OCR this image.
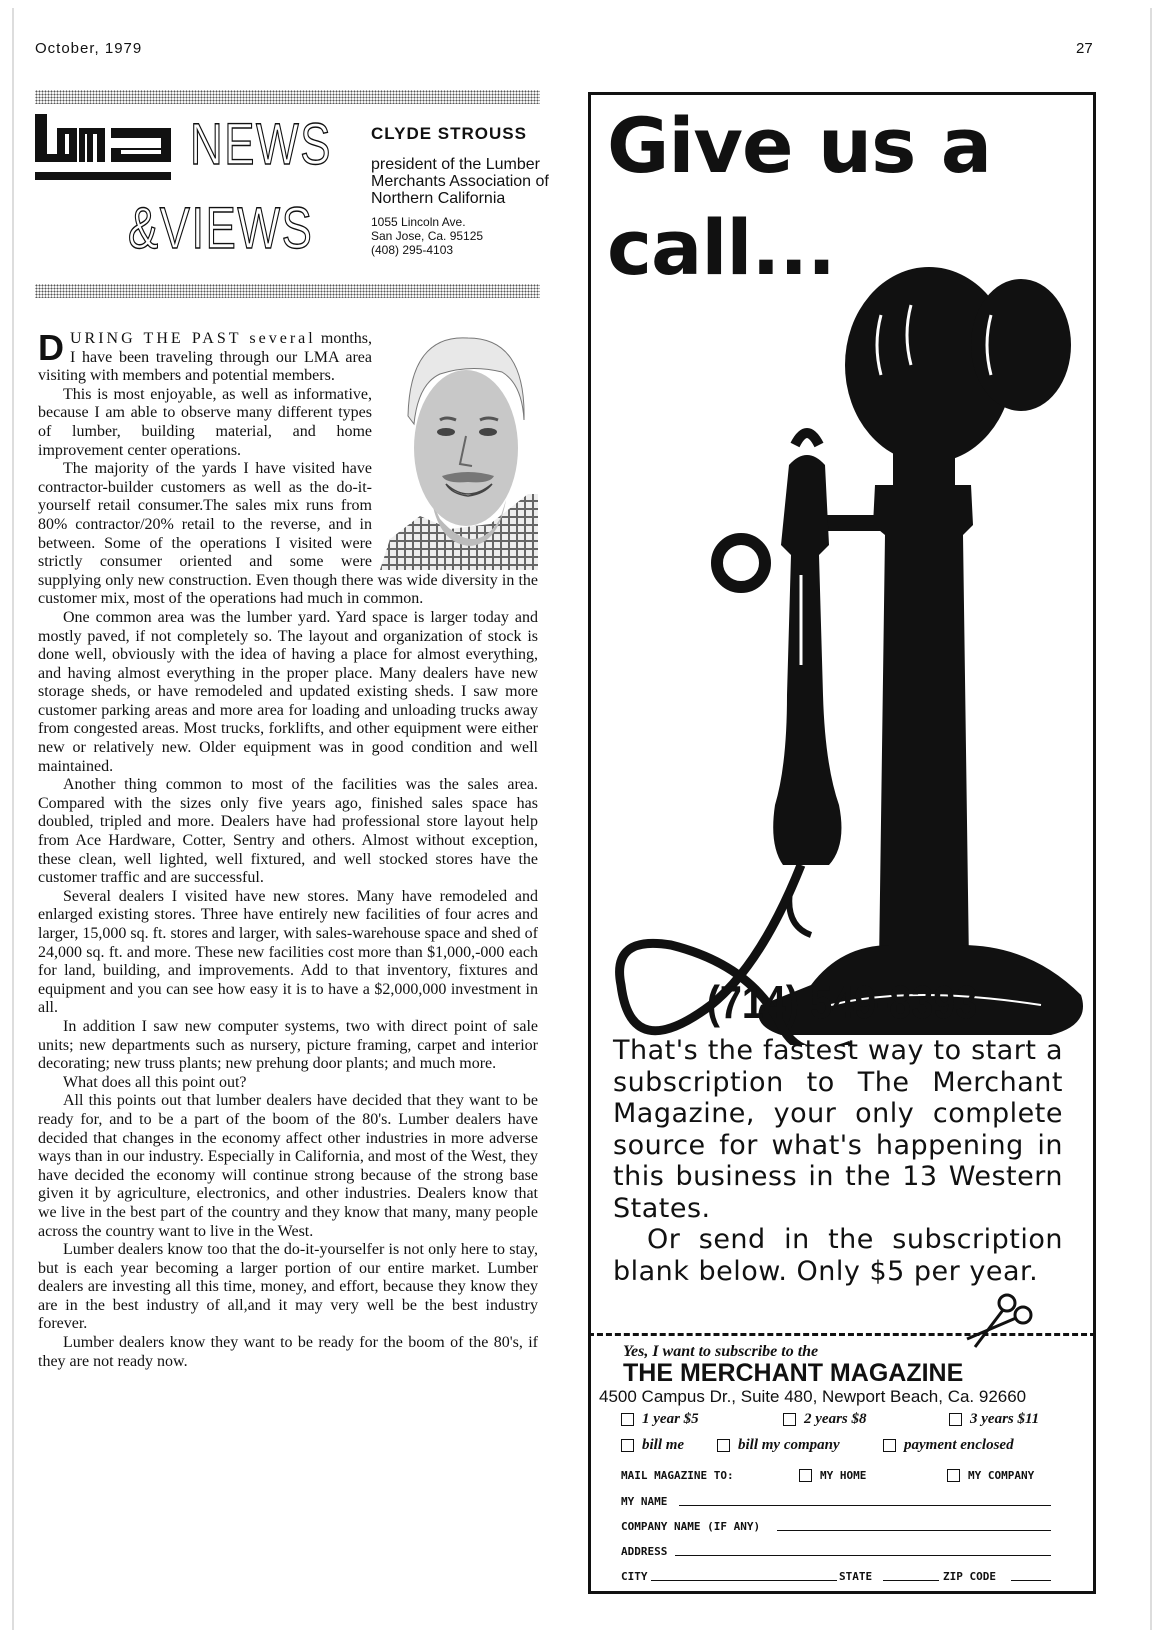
October, 1979	27
NEWS
&VIEWS
CLYDE STROUSS

president of the Lumber Merchants Association of Northern California

1055 Lincoln Ave.
San Jose, Ca. 95125
(408) 295-4103

DURING THE PAST several months, I have been traveling through our LMA area visiting with members and potential members.

This is most enjoyable, as well as informative, because I am able to observe many different types of lumber, building material, and home improvement center operations.

The majority of the yards I have visited have contractor-builder customers as well as the do-it-yourself retail consumer.The sales mix runs from 80% contractor/20% retail to the reverse, and in between. Some of the operations I visited were strictly consumer oriented and some were supplying only new construction. Even though there was wide diversity in the customer mix, most of the operations had much in common.

One common area was the lumber yard. Yard space is larger today and mostly paved, if not completely so. The layout and organization of stock is done well, obviously with the idea of having a place for almost everything, and having almost everything in the proper place. Many dealers have new storage sheds, or have remodeled and updated existing sheds. I saw more customer parking areas and more area for loading and unloading trucks away from congested areas. Most trucks, forklifts, and other equipment were either new or relatively new. Older equipment was in good condition and well maintained.

Another thing common to most of the facilities was the sales area. Compared with the sizes only five years ago, finished sales space has doubled, tripled and more. Dealers have had professional store layout help from Ace Hardware, Cotter, Sentry and others. Almost without exception, these clean, well lighted, well fixtured, and well stocked stores have the customer traffic and are successful.

Several dealers I visited have new stores. Many have remodeled and enlarged existing stores. Three have entirely new facilities of four acres and larger, 15,000 sq. ft. stores and larger, with sales-warehouse space and shed of 24,000 sq. ft. and more. These new facilities cost more than $1,000,-000 each for land, building, and improvements. Add to that inventory, fixtures and equipment and you can see how easy it is to have a $2,000,000 investment in all.

In addition I saw new computer systems, two with direct point of sale units; new departments such as nursery, picture framing, carpet and interior decorating; new truss plants; new prehung door plants; and much more.

What does all this point out?

All this points out that lumber dealers have decided that they want to be ready for, and to be a part of the boom of the 80's. Lumber dealers have decided that changes in the economy affect other industries in more adverse ways than in our industry. Especially in California, and most of the West, they have decided the economy will continue strong because of the strong base given it by agriculture, electronics, and other industries. Dealers know that we live in the best part of the country and they know that many, many people across the country want to live in the West.

Lumber dealers know too that the do-it-yourselfer is not only here to stay, but is each year becoming a larger portion of our entire market. Lumber dealers are investing all this time, money, and effort, because they know they are in the best industry of all,and it may very well be the best industry forever.

Lumber dealers know they want to be ready for the boom of the 80's, if they are not ready now.

Give us a
call...
(714) 549-8393

That's the fastest way to start a subscription to The Merchant Magazine, your only complete source for what's happening in this business in the 13 Western States.

Or send in the subscription blank below. Only $5 per year.

Yes, I want to subscribe to the
THE MERCHANT MAGAZINE
4500 Campus Dr., Suite 480, Newport Beach, Ca. 92660
1 year $5	2 years $8	3 years $11
bill me	bill my company	payment enclosed
MAIL MAGAZINE TO:	MY HOME	MY COMPANY
MY NAME
COMPANY NAME (IF ANY)
ADDRESS
CITY	STATE	ZIP CODE
